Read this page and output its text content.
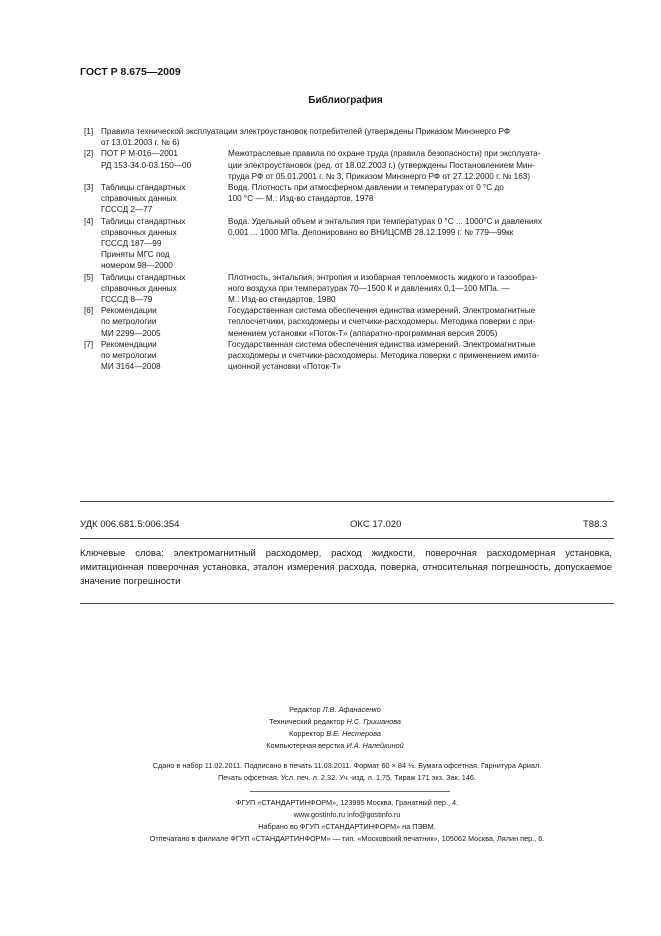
ГОСТ Р 8.675—2009
Библиография
[1] Правила технической эксплуатации электроустановок потребителей (утверждены Приказом Минэнерго РФ
от 13.01.2003 г. № 6)
[2] ПОТ Р М-016—2001
РД 153-34.0-03.150—00
Межотраслевые правила по охране труда (правила безопасности) при эксплуата-
ции электроустановок (ред. от 18.02.2003 г.) (утверждены Постановлением Мин-
труда РФ от 05.01.2001 г. № 3, Приказом Минэнерго РФ от 27.12.2000 г. № 163)
[3] Таблицы стандартных
справочных данных
ГСССД 2—77
Вода. Плотность при атмосферном давлении и температурах от 0 °С до
100 °С — М.: Изд-во стандартов, 1978
[4] Таблицы стандартных
справочных данных
ГСССД 187—99
Приняты МГС под
номером 98—2000
Вода. Удельный объем и энтальпия при температурах 0 °С ... 1000°С и давлениях
0,001 ... 1000 МПа. Депонировано во ВНИЦСМВ 28.12.1999 г. № 779—99кк
[5] Таблицы стандартных
справочных данных
ГСССД 8—79
Плотность, энтальпия, энтропия и изобарная теплоемкость жидкого и газообраз-
ного воздуха при температурах 70—1500 К и давлениях 0,1—100 МПа. —
М.: Изд-во стандартов, 1980
[6] Рекомендации
по метрологии
МИ 2299—2005
Государственная система обеспечения единства измерений. Электромагнитные
теплосчетчики, расходомеры и счетчики-расходомеры. Методика поверки с при-
менением установки «Поток-Т» (аппаратно-программная версия 2005)
[7] Рекомендации
по метрологии
МИ 3164—2008
Государственная система обеспечения единства измерений. Электромагнитные
расходомеры и счетчики-расходомеры. Методика поверки с применением имита-
ционной установки «Поток-Т»
УДК 006.681.5:006.354	ОКС 17.020	Т88.3
Ключевые слова: электромагнитный расходомер, расход жидкости, поверочная расходомерная установка, имитационная поверочная установка, эталон измерения расхода, поверка, относительная погрешность, допускаемое значение погрешности
Редактор Л.В. Афанасенко
Технический редактор Н.С. Гришанова
Корректор В.Е. Нестерова
Компьютерная верстка И.А. Налейкиной
Сдано в набор 11.02.2011. Подписано в печать 11.03.2011. Формат 60 × 84 ⅛. Бумага офсетная. Гарнитура Ариал.
Печать офсетная. Усл. печ. л. 2,32. Уч.-изд. л. 1,75. Тираж 171 экз. Зак. 146.
ФГУП «СТАНДАРТИНФОРМ», 123995 Москва, Гранатный пер., 4.
www.gostinfo.ru info@gostinfo.ru
Набрано во ФГУП «СТАНДАРТИНФОРМ» на ПЭВМ.
Отпечатано в филиале ФГУП «СТАНДАРТИНФОРМ» — тип. «Московский печатник», 105062 Москва, Лялин пер., 6.
